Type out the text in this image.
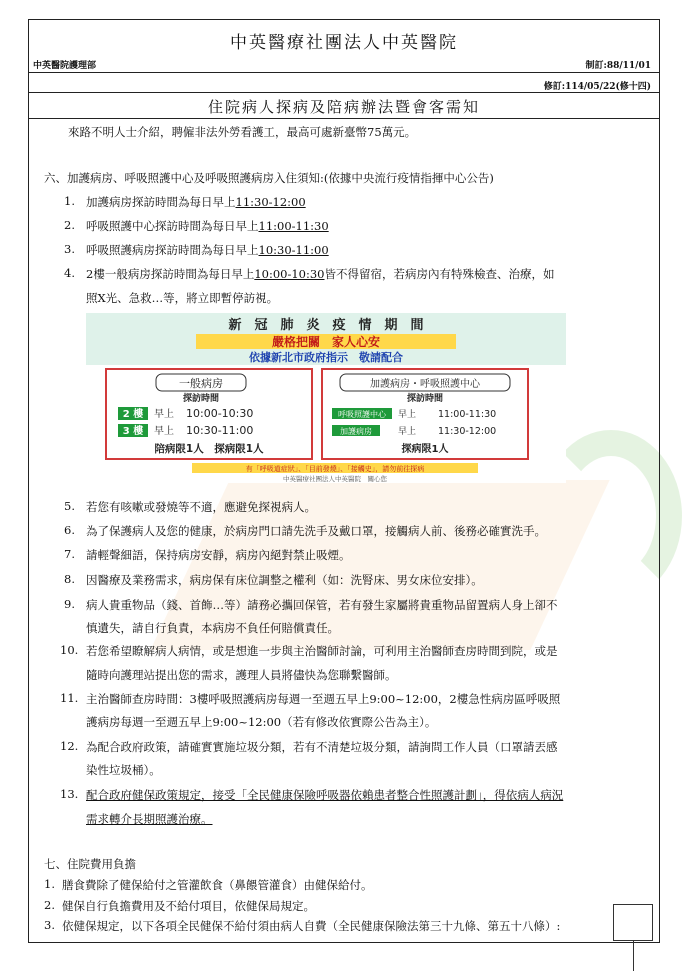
中英醫療社團法人中英醫院
中英醫院護理部	制訂:88/11/01
修訂:114/05/22(修十四)
住院病人探病及陪病辦法暨會客需知
來路不明人士介紹，聘僱非法外勞看護工，最高可處新臺幣75萬元。
六、加護病房、呼吸照護中心及呼吸照護病房入住須知:(依據中央流行疫情指揮中心公告)
1. 加護病房探訪時間為每日早上11:30-12:00
2. 呼吸照護中心探訪時間為每日早上11:00-11:30
3. 呼吸照護病房探訪時間為每日早上10:30-11:00
4. 2樓一般病房探訪時間為每日早上10:00-10:30皆不得留宿，若病房內有特殊檢查、治療，如
照X光、急救…等，將立即暫停訪視。
新　冠　肺　炎　疫　情　期　間
嚴格把關　家人心安
依據新北市政府指示　敬請配合
一般病房
探訪時間
2 樓 早上 10:00-10:30
3 樓 早上 10:30-11:00
陪病限1人　探病限1人
加護病房・呼吸照護中心
探訪時間
呼吸照護中心 早上 11:00-11:30
加護病房	早上 11:30-12:00
探病限1人
有「呼吸道症狀」、「目前發燒」、「接觸史」，請勿前往探病
中英醫療社團法人中英醫院　關心您
5. 若您有咳嗽或發燒等不適，應避免探視病人。
6. 為了保護病人及您的健康，於病房門口請先洗手及戴口罩，接觸病人前、後務必確實洗手。
7. 請輕聲細語，保持病房安靜，病房內絕對禁止吸煙。
8. 因醫療及業務需求，病房保有床位調整之權利（如：洗腎床、男女床位安排）。
9. 病人貴重物品（錢、首飾…等）請務必攜回保管，若有發生家屬將貴重物品留置病人身上卻不
慎遺失，請自行負責，本病房不負任何賠償責任。
10. 若您希望瞭解病人病情，或是想進一步與主治醫師討論，可利用主治醫師查房時間到院，或是
隨時向護理站提出您的需求，護理人員將儘快為您聯繫醫師。
11. 主治醫師查房時間：3樓呼吸照護病房每週一至週五早上9:00~12:00，2樓急性病房區呼吸照
護病房每週一至週五早上9:00~12:00（若有修改依實際公告為主）。
12. 為配合政府政策，請確實實施垃圾分類，若有不清楚垃圾分類，請詢問工作人員（口罩請丟感
染性垃圾桶）。
13. 配合政府健保政策規定，接受「全民健康保險呼吸器依賴患者整合性照護計劃」，得依病人病況
需求轉介長期照護治療。
七、住院費用負擔
1. 膳食費除了健保給付之管灌飲食（鼻餵管灌食）由健保給付。
2. 健保自行負擔費用及不給付項目，依健保局規定。
3. 依健保規定，以下各項全民健保不給付須由病人自費（全民健康保險法第三十九條、第五十八條）:
